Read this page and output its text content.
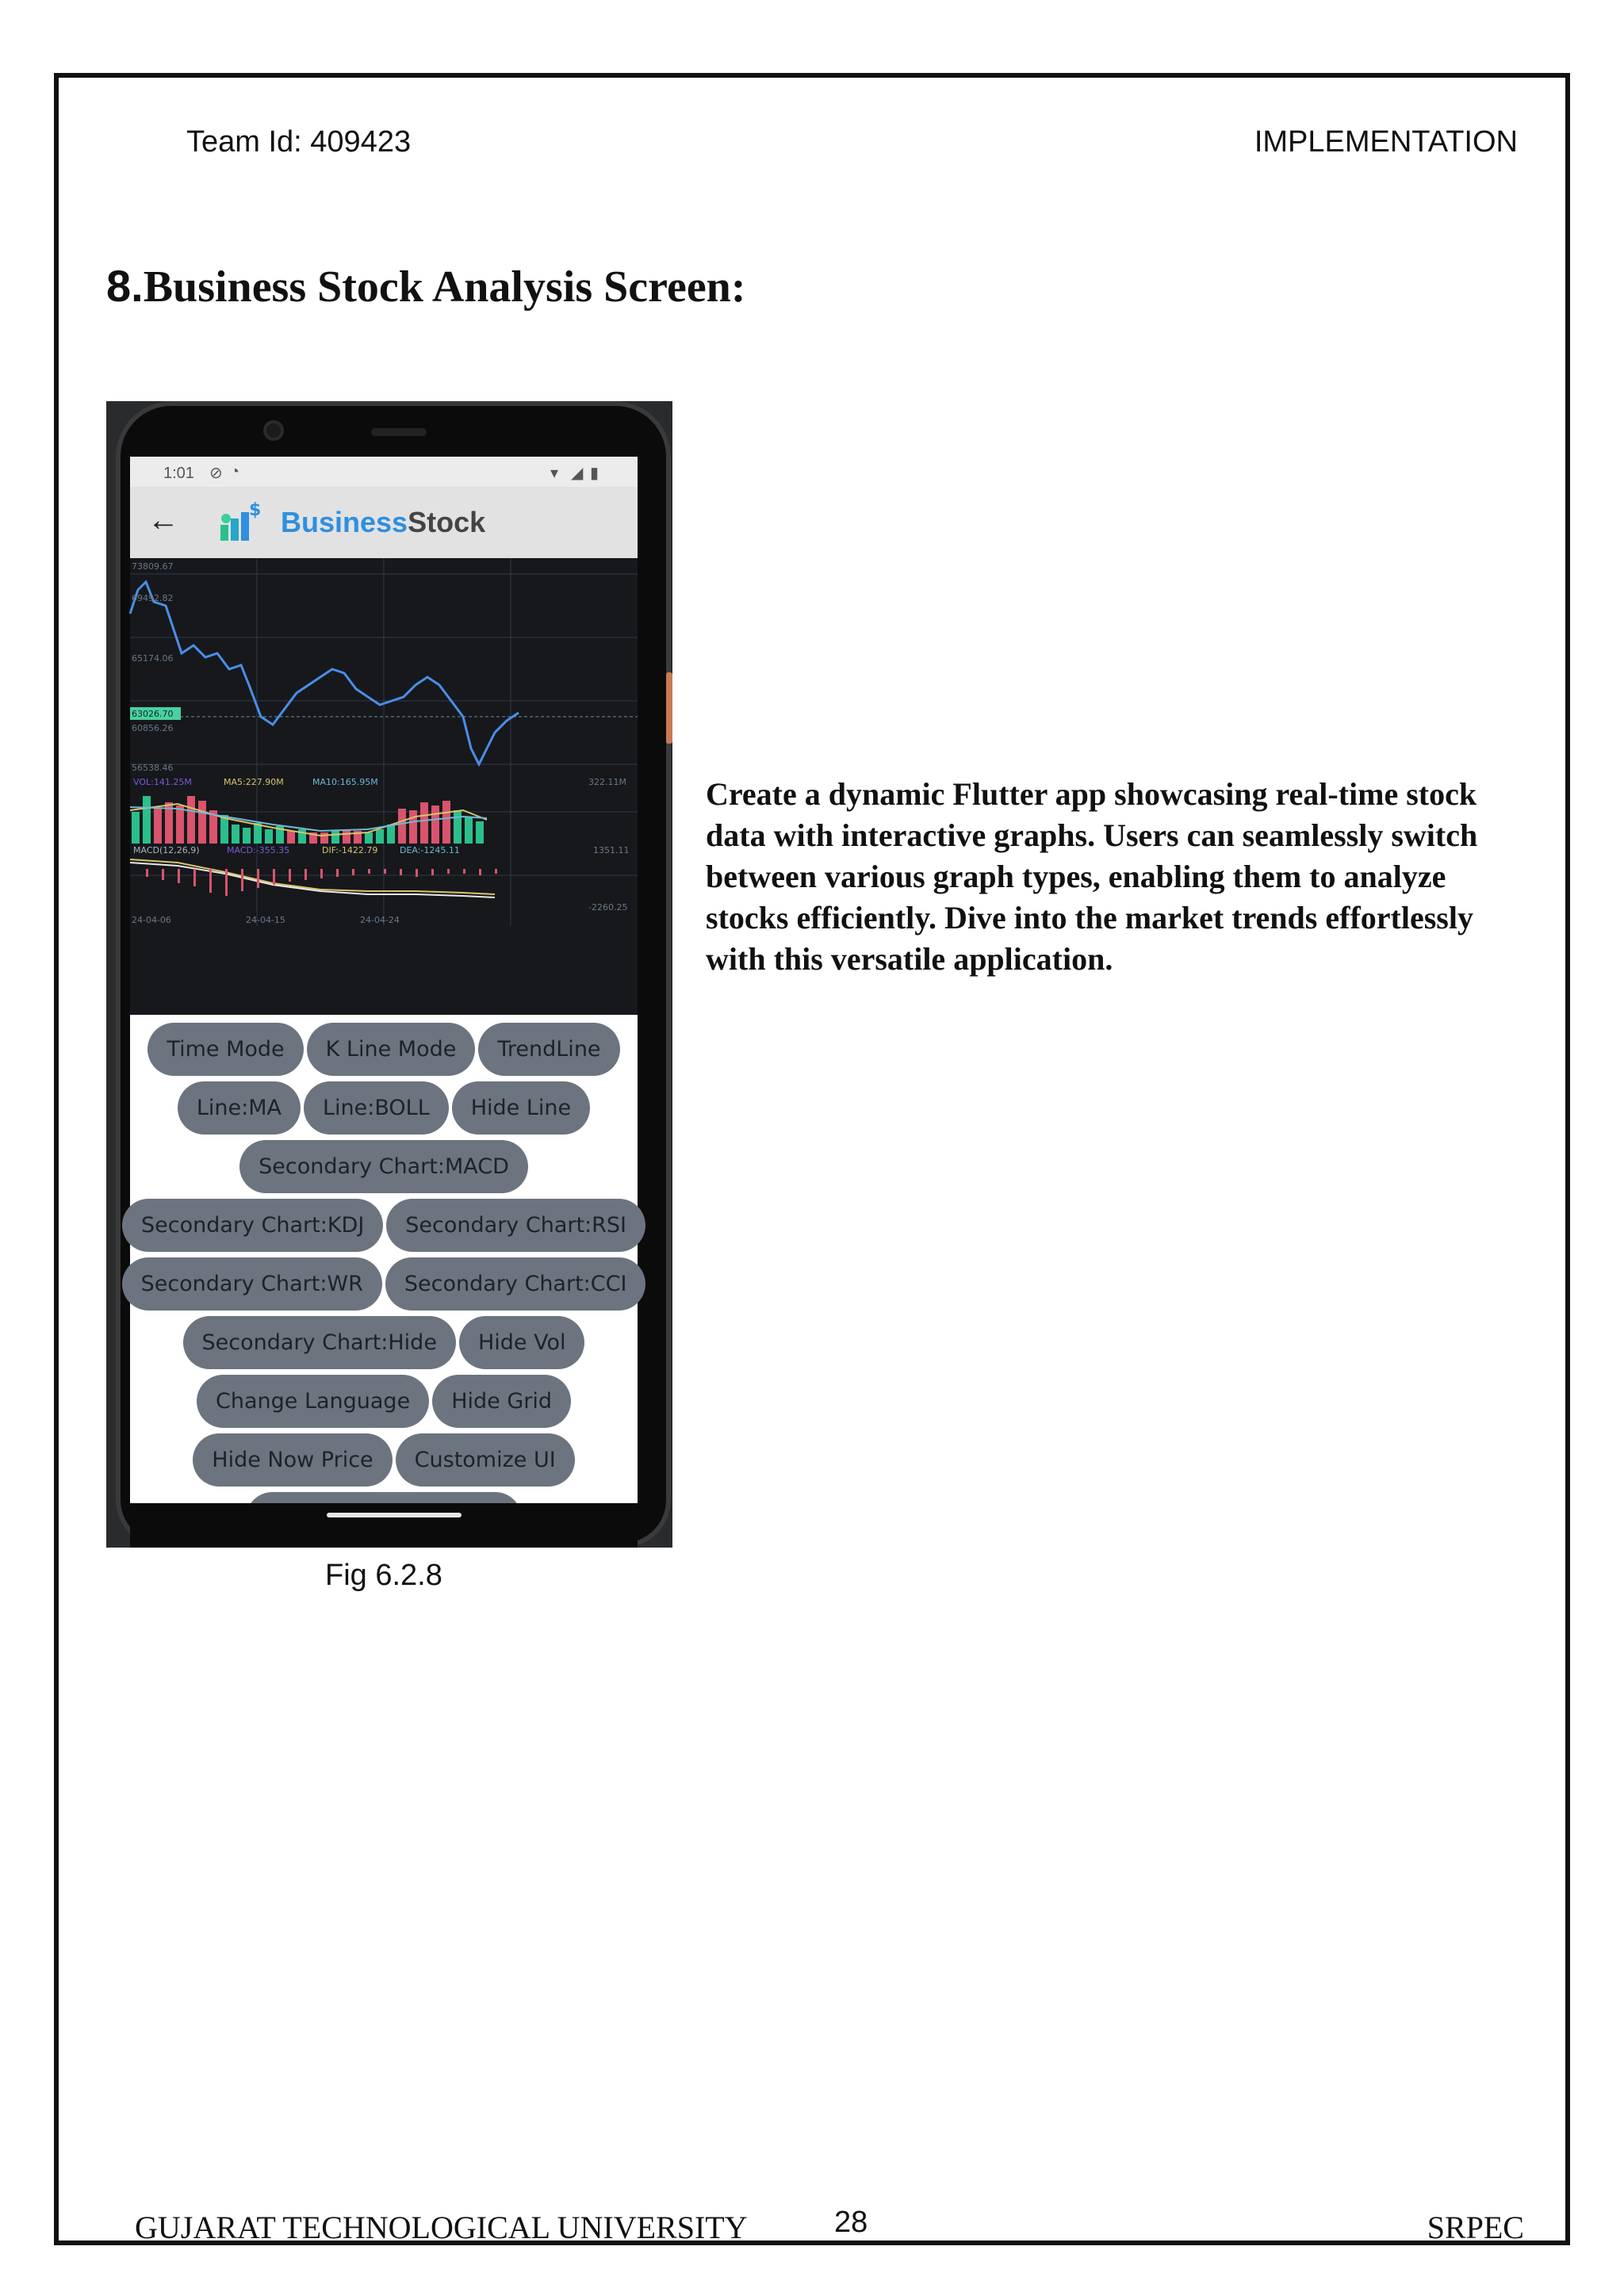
Team Id: 409423	IMPLEMENTATION
8.Business Stock Analysis Screen:
1:01 ⊘ ◔	▾ ◢ ▮
←	$ BusinessStock
73809.67
69492.82
65174.06
60856.26
56538.46
63026.70
VOL:141.25M	MA5:227.90M	MA10:165.95M	322.11M
MACD(12,26,9)	MACD:-355.35	DIF:-1422.79	DEA:-1245.11	1351.11
-2260.25
24-04-06	24-04-15	24-04-24
Time Mode	K Line Mode	TrendLine
Line:MA	Line:BOLL	Hide Line
Secondary Chart:MACD
Secondary Chart:KDJ	Secondary Chart:RSI
Secondary Chart:WR	Secondary Chart:CCI
Secondary Chart:Hide	Hide Vol
Change Language	Hide Grid
Hide Now Price	Customize UI
Fig 6.2.8
Create a dynamic Flutter app showcasing real-time stock data with interactive graphs. Users can seamlessly switch between various graph types, enabling them to analyze stocks efficiently. Dive into the market trends effortlessly with this versatile application.
GUJARAT TECHNOLOGICAL UNIVERSITY	28	SRPEC
